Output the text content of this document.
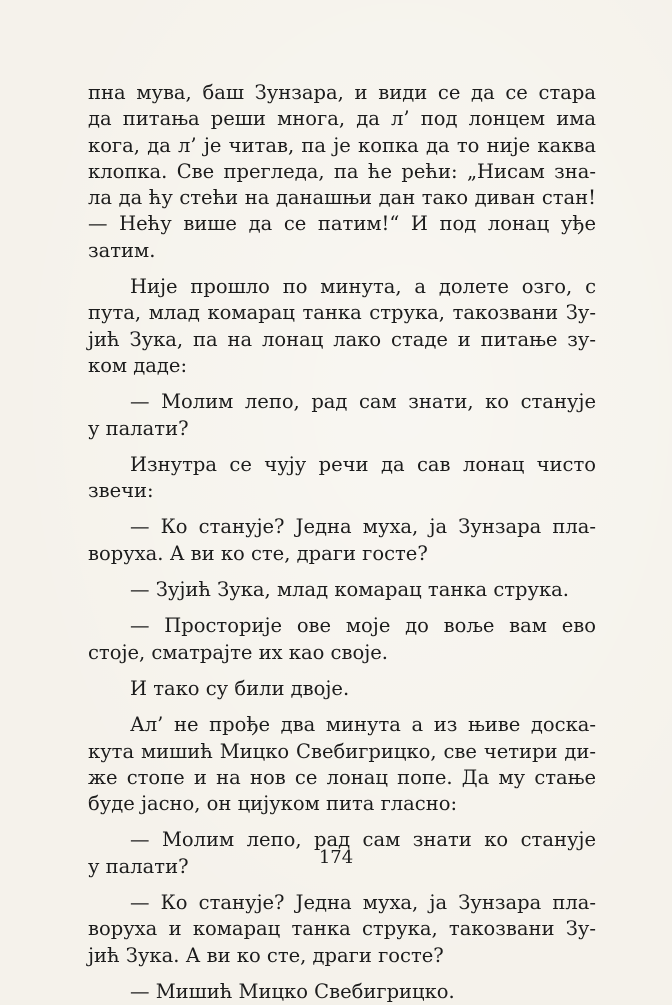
пна мува, баш Зунзара, и види се да се стара
да питања реши многа, да л’ под лонцем има
кога, да л’ је читав, па је копка да то није каква
клопка. Све прегледа, па ће рећи: „Нисам зна-
ла да ћу стећи на данашњи дан тако диван стан!
— Нећу више да се патим!“ И под лонац уђе
затим.
Није прошло по минута, а долете озго, с
пута, млад комарац танка струка, такозвани Зу-
јић Зука, па на лонац лако стаде и питање зу-
ком даде:
— Молим лепо, рад сам знати, ко станује
у палати?
Изнутра се чују речи да сав лонац чисто
звечи:
— Ко станује? Једна муха, ја Зунзара пла-
воруха. А ви ко сте, драги госте?
— Зујић Зука, млад комарац танка струка.
— Просторије ове моје до воље вам ево
стоје, сматрајте их као своје.
И тако су били двоје.
Ал’ не прође два минута а из њиве доска-
кута мишић Мицко Свебигрицко, све четири ди-
же стопе и на нов се лонац попе. Да му стање
буде јасно, он цијуком пита гласно:
— Молим лепо, рад сам знати ко станује
у палати?
— Ко станује? Једна муха, ја Зунзара пла-
воруха и комарац танка струка, такозвани Зу-
јић Зука. А ви ко сте, драги госте?
— Мишић Мицко Свебигрицко.
174
